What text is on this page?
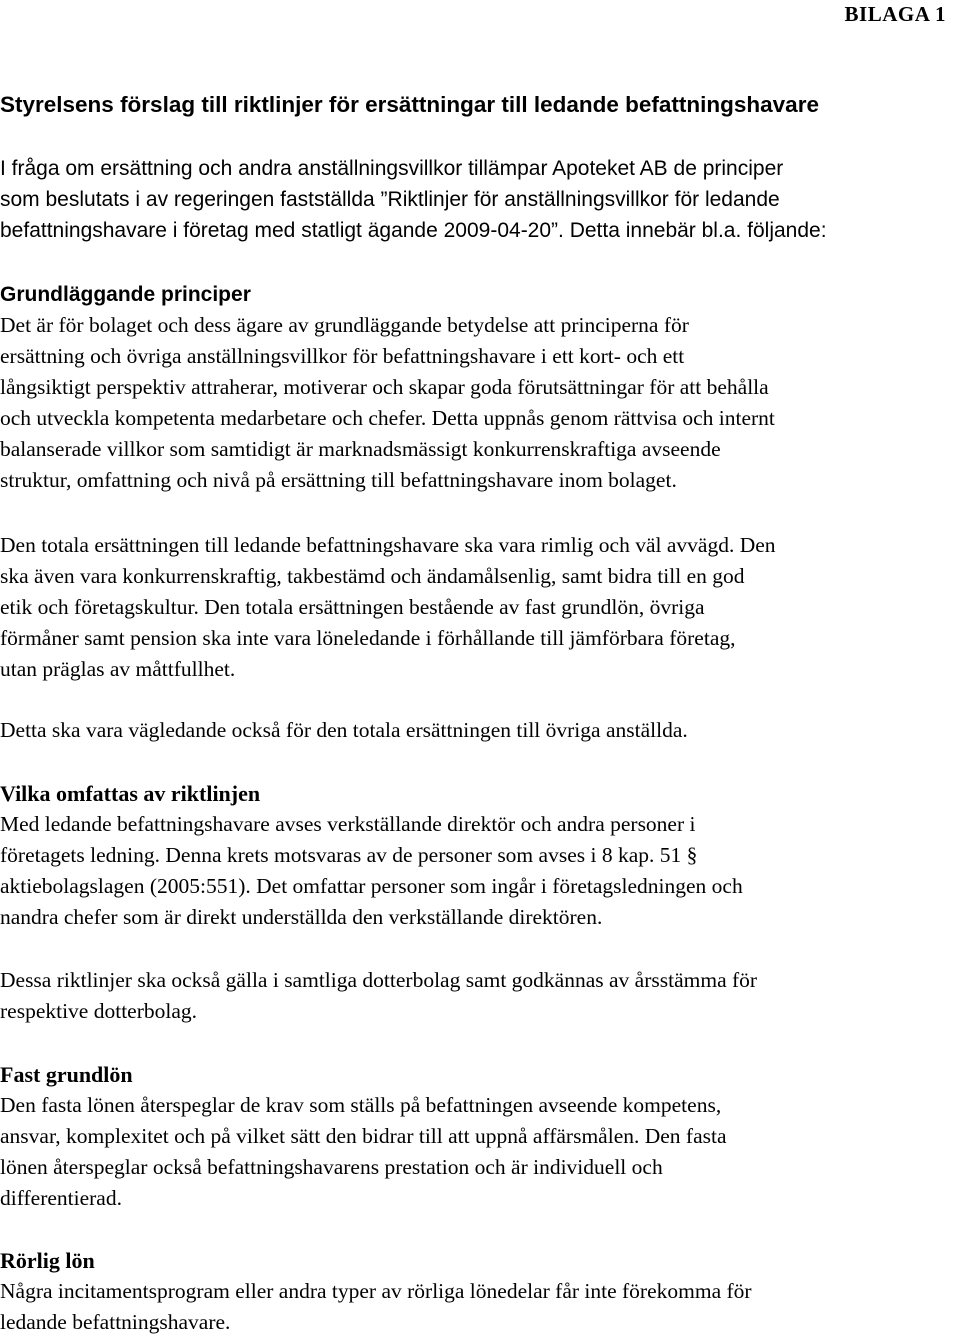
BILAGA 1
Styrelsens förslag till riktlinjer för ersättningar till ledande befattningshavare

I fråga om ersättning och andra anställningsvillkor tillämpar Apoteket AB de principer
som beslutats i av regeringen fastställda ”Riktlinjer för anställningsvillkor för ledande
befattningshavare i företag med statligt ägande 2009-04-20”. Detta innebär bl.a. följande:

Grundläggande principer

Det är för bolaget och dess ägare av grundläggande betydelse att principerna för
ersättning och övriga anställningsvillkor för befattningshavare i ett kort- och ett
långsiktigt perspektiv attraherar, motiverar och skapar goda förutsättningar för att behålla
och utveckla kompetenta medarbetare och chefer. Detta uppnås genom rättvisa och internt
balanserade villkor som samtidigt är marknadsmässigt konkurrenskraftiga avseende
struktur, omfattning och nivå på ersättning till befattningshavare inom bolaget.

Den totala ersättningen till ledande befattningshavare ska vara rimlig och väl avvägd. Den
ska även vara konkurrenskraftig, takbestämd och ändamålsenlig, samt bidra till en god
etik och företagskultur. Den totala ersättningen bestående av fast grundlön, övriga
förmåner samt pension ska inte vara löneledande i förhållande till jämförbara företag,
utan präglas av måttfullhet.

Detta ska vara vägledande också för den totala ersättningen till övriga anställda.

Vilka omfattas av riktlinjen

Med ledande befattningshavare avses verkställande direktör och andra personer i
företagets ledning. Denna krets motsvaras av de personer som avses i 8 kap. 51 §
aktiebolagslagen (2005:551). Det omfattar personer som ingår i företagsledningen och
nandra chefer som är direkt underställda den verkställande direktören.

Dessa riktlinjer ska också gälla i samtliga dotterbolag samt godkännas av årsstämma för
respektive dotterbolag.

Fast grundlön

Den fasta lönen återspeglar de krav som ställs på befattningen avseende kompetens,
ansvar, komplexitet och på vilket sätt den bidrar till att uppnå affärsmålen. Den fasta
lönen återspeglar också befattningshavarens prestation och är individuell och
differentierad.

Rörlig lön

Några incitamentsprogram eller andra typer av rörliga lönedelar får inte förekomma för
ledande befattningshavare.
